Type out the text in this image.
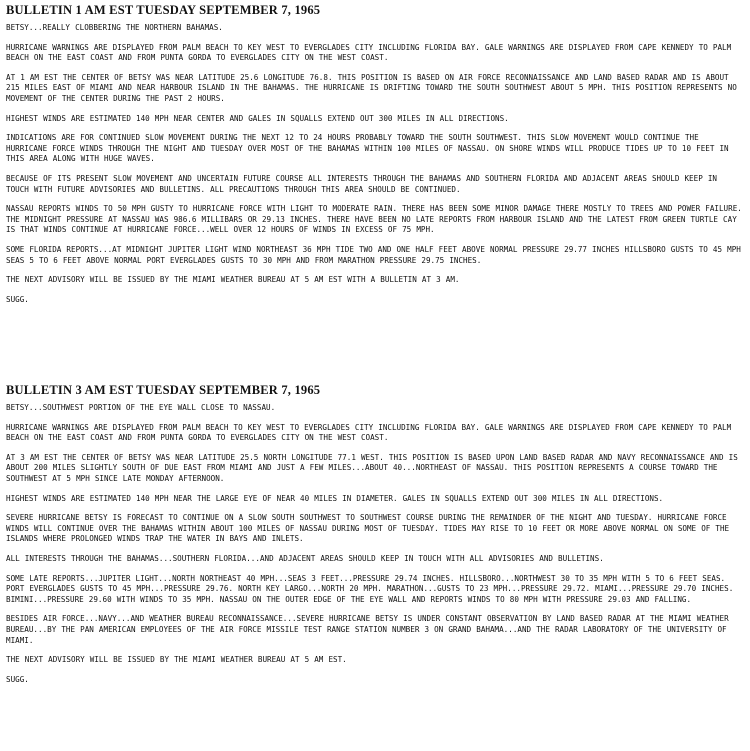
BULLETIN 1 AM EST TUESDAY SEPTEMBER 7, 1965

BETSY...REALLY CLOBBERING THE NORTHERN BAHAMAS.

HURRICANE WARNINGS ARE DISPLAYED FROM PALM BEACH TO KEY WEST TO EVERGLADES CITY INCLUDING FLORIDA BAY. GALE WARNINGS ARE DISPLAYED FROM CAPE KENNEDY TO PALM BEACH ON THE EAST COAST AND FROM PUNTA GORDA TO EVERGLADES CITY ON THE WEST COAST.

AT 1 AM EST THE CENTER OF BETSY WAS NEAR LATITUDE 25.6 LONGITUDE 76.8. THIS POSITION IS BASED ON AIR FORCE RECONNAISSANCE AND LAND BASED RADAR AND IS ABOUT 215 MILES EAST OF MIAMI AND NEAR HARBOUR ISLAND IN THE BAHAMAS. THE HURRICANE IS DRIFTING TOWARD THE SOUTH SOUTHWEST ABOUT 5 MPH. THIS POSITION REPRESENTS NO MOVEMENT OF THE CENTER DURING THE PAST 2 HOURS.

HIGHEST WINDS ARE ESTIMATED 140 MPH NEAR CENTER AND GALES IN SQUALLS EXTEND OUT 300 MILES IN ALL DIRECTIONS.

INDICATIONS ARE FOR CONTINUED SLOW MOVEMENT DURING THE NEXT 12 TO 24 HOURS PROBABLY TOWARD THE SOUTH SOUTHWEST. THIS SLOW MOVEMENT WOULD CONTINUE THE HURRICANE FORCE WINDS THROUGH THE NIGHT AND TUESDAY OVER MOST OF THE BAHAMAS WITHIN 100 MILES OF NASSAU. ON SHORE WINDS WILL PRODUCE TIDES UP TO 10 FEET IN THIS AREA ALONG WITH HUGE WAVES.

BECAUSE OF ITS PRESENT SLOW MOVEMENT AND UNCERTAIN FUTURE COURSE ALL INTERESTS THROUGH THE BAHAMAS AND SOUTHERN FLORIDA AND ADJACENT AREAS SHOULD KEEP IN TOUCH WITH FUTURE ADVISORIES AND BULLETINS. ALL PRECAUTIONS THROUGH THIS AREA SHOULD BE CONTINUED.

NASSAU REPORTS WINDS TO 50 MPH GUSTY TO HURRICANE FORCE WITH LIGHT TO MODERATE RAIN. THERE HAS BEEN SOME MINOR DAMAGE THERE MOSTLY TO TREES AND POWER FAILURE. THE MIDNIGHT PRESSURE AT NASSAU WAS 986.6 MILLIBARS OR 29.13 INCHES. THERE HAVE BEEN NO LATE REPORTS FROM HARBOUR ISLAND AND THE LATEST FROM GREEN TURTLE CAY IS THAT WINDS CONTINUE AT HURRICANE FORCE...WELL OVER 12 HOURS OF WINDS IN EXCESS OF 75 MPH.

SOME FLORIDA REPORTS...AT MIDNIGHT JUPITER LIGHT WIND NORTHEAST 36 MPH TIDE TWO AND ONE HALF FEET ABOVE NORMAL PRESSURE 29.77 INCHES HILLSBORO GUSTS TO 45 MPH SEAS 5 TO 6 FEET ABOVE NORMAL PORT EVERGLADES GUSTS TO 30 MPH AND FROM MARATHON PRESSURE 29.75 INCHES.

THE NEXT ADVISORY WILL BE ISSUED BY THE MIAMI WEATHER BUREAU AT 5 AM EST WITH A BULLETIN AT 3 AM.

SUGG.

BULLETIN 3 AM EST TUESDAY SEPTEMBER 7, 1965

BETSY...SOUTHWEST PORTION OF THE EYE WALL CLOSE TO NASSAU.

HURRICANE WARNINGS ARE DISPLAYED FROM PALM BEACH TO KEY WEST TO EVERGLADES CITY INCLUDING FLORIDA BAY. GALE WARNINGS ARE DISPLAYED FROM CAPE KENNEDY TO PALM BEACH ON THE EAST COAST AND FROM PUNTA GORDA TO EVERGLADES CITY ON THE WEST COAST.

AT 3 AM EST THE CENTER OF BETSY WAS NEAR LATITUDE 25.5 NORTH LONGITUDE 77.1 WEST. THIS POSITION IS BASED UPON LAND BASED RADAR AND NAVY RECONNAISSANCE AND IS ABOUT 200 MILES SLIGHTLY SOUTH OF DUE EAST FROM MIAMI AND JUST A FEW MILES...ABOUT 40...NORTHEAST OF NASSAU. THIS POSITION REPRESENTS A COURSE TOWARD THE SOUTHWEST AT 5 MPH SINCE LATE MONDAY AFTERNOON.

HIGHEST WINDS ARE ESTIMATED 140 MPH NEAR THE LARGE EYE OF NEAR 40 MILES IN DIAMETER. GALES IN SQUALLS EXTEND OUT 300 MILES IN ALL DIRECTIONS.

SEVERE HURRICANE BETSY IS FORECAST TO CONTINUE ON A SLOW SOUTH SOUTHWEST TO SOUTHWEST COURSE DURING THE REMAINDER OF THE NIGHT AND TUESDAY. HURRICANE FORCE WINDS WILL CONTINUE OVER THE BAHAMAS WITHIN ABOUT 100 MILES OF NASSAU DURING MOST OF TUESDAY. TIDES MAY RISE TO 10 FEET OR MORE ABOVE NORMAL ON SOME OF THE ISLANDS WHERE PROLONGED WINDS TRAP THE WATER IN BAYS AND INLETS.

ALL INTERESTS THROUGH THE BAHAMAS...SOUTHERN FLORIDA...AND ADJACENT AREAS SHOULD KEEP IN TOUCH WITH ALL ADVISORIES AND BULLETINS.

SOME LATE REPORTS...JUPITER LIGHT...NORTH NORTHEAST 40 MPH...SEAS 3 FEET...PRESSURE 29.74 INCHES. HILLSBORO...NORTHWEST 30 TO 35 MPH WITH 5 TO 6 FEET SEAS. PORT EVERGLADES GUSTS TO 45 MPH...PRESSURE 29.76. NORTH KEY LARGO...NORTH 20 MPH. MARATHON...GUSTS TO 23 MPH...PRESSURE 29.72. MIAMI...PRESSURE 29.70 INCHES. BIMINI...PRESSURE 29.60 WITH WINDS TO 35 MPH. NASSAU ON THE OUTER EDGE OF THE EYE WALL AND REPORTS WINDS TO 80 MPH WITH PRESSURE 29.03 AND FALLING.

BESIDES AIR FORCE...NAVY...AND WEATHER BUREAU RECONNAISSANCE...SEVERE HURRICANE BETSY IS UNDER CONSTANT OBSERVATION BY LAND BASED RADAR AT THE MIAMI WEATHER BUREAU...BY THE PAN AMERICAN EMPLOYEES OF THE AIR FORCE MISSILE TEST RANGE STATION NUMBER 3 ON GRAND BAHAMA...AND THE RADAR LABORATORY OF THE UNIVERSITY OF MIAMI.

THE NEXT ADVISORY WILL BE ISSUED BY THE MIAMI WEATHER BUREAU AT 5 AM EST.

SUGG.
